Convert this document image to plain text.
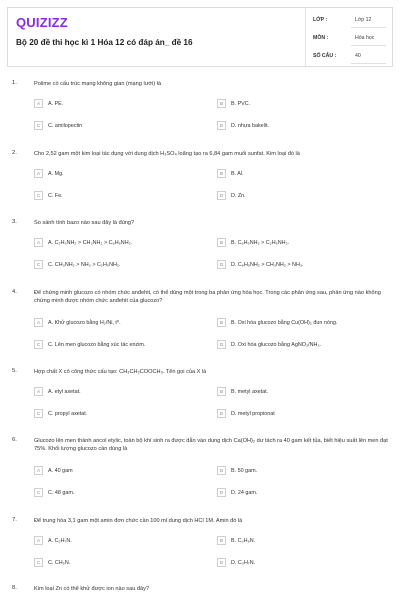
QUIZIZZ
Bộ 20 đề thi học kì 1 Hóa 12 có đáp án_ đề 16
LỚP :	Lớp 12
MÔN :	Hóa học
SỐ CÂU :	40
1.	Polime có cấu trúc mạng không gian (mạng lưới) là
A	A. PE.	B	B. PVC.
C	C. amilopectin	D	D. nhựa bakelit.
2.	Cho 2,52 gam một kim loại tác dụng với dung dịch H₂SO₄ loãng tạo ra 6,84 gam muối sunfat. Kim loại đó là
A	A. Mg.	B	B. Al.
C	C. Fe.	D	D. Zn.
3.	So sánh tính bazo nào sau đây là đúng?
A	A. C₂H₅NH₂ > CH₃NH₂ > C₆H₅NH₂.	B	B. C₆H₅NH₂ > C₂H₅NH₂.
C	C. CH₃NH₂ > NH₃ > C₂H₅NH₂.	D	D. C₆H₅NH₂ > CH₃NH₂ > NH₃.
4.	Để chứng minh glucozo có nhóm chức anđehit, có thể dùng một trong ba phản ứng hóa học. Trong các phản ứng sau, phản ứng nào không chứng minh được nhóm chức anđehit của glucozo?
A	A. Khử glucozo bằng H₂/Ni, t⁰.	B	B. Oxi hóa glucozo bằng Cu(OH)₂ đun nóng.
C	C. Lên men glucozo bằng xúc tác enzim.	D	D. Oxi hóa glucozo bằng AgNO₃/NH₃.
5.	Hợp chất X có công thức cấu tạo: CH₃CH₂COOCH₃. Tên gọi của X là
A	A. etyl axetat.	B	B. metyl axetat.
C	C. propyl axetat.	D	D. metyl propionat
6.	Glucozo lên men thành ancol etylic, toàn bộ khí sinh ra được dẫn vào dung dịch Ca(OH)₂ dư tách ra 40 gam kết tủa, biết hiệu suất lên men đạt 75%. Khối lượng glucozo cần dùng là
A	A. 40 gam	B	B. 50 gam.
C	C. 48 gam.	D	D. 24 gam.
7.	Để trung hòa 3,1 gam một amin đơn chức cần 100 ml dung dịch HCl 1M. Amin đó là
A	A. C₂H₇N.	B	B. C₃H₉N.
C	C. CH₅N.	D	D. C₃H₇N.
8.	Kim loại Zn có thể khử được ion nào sau đây?
